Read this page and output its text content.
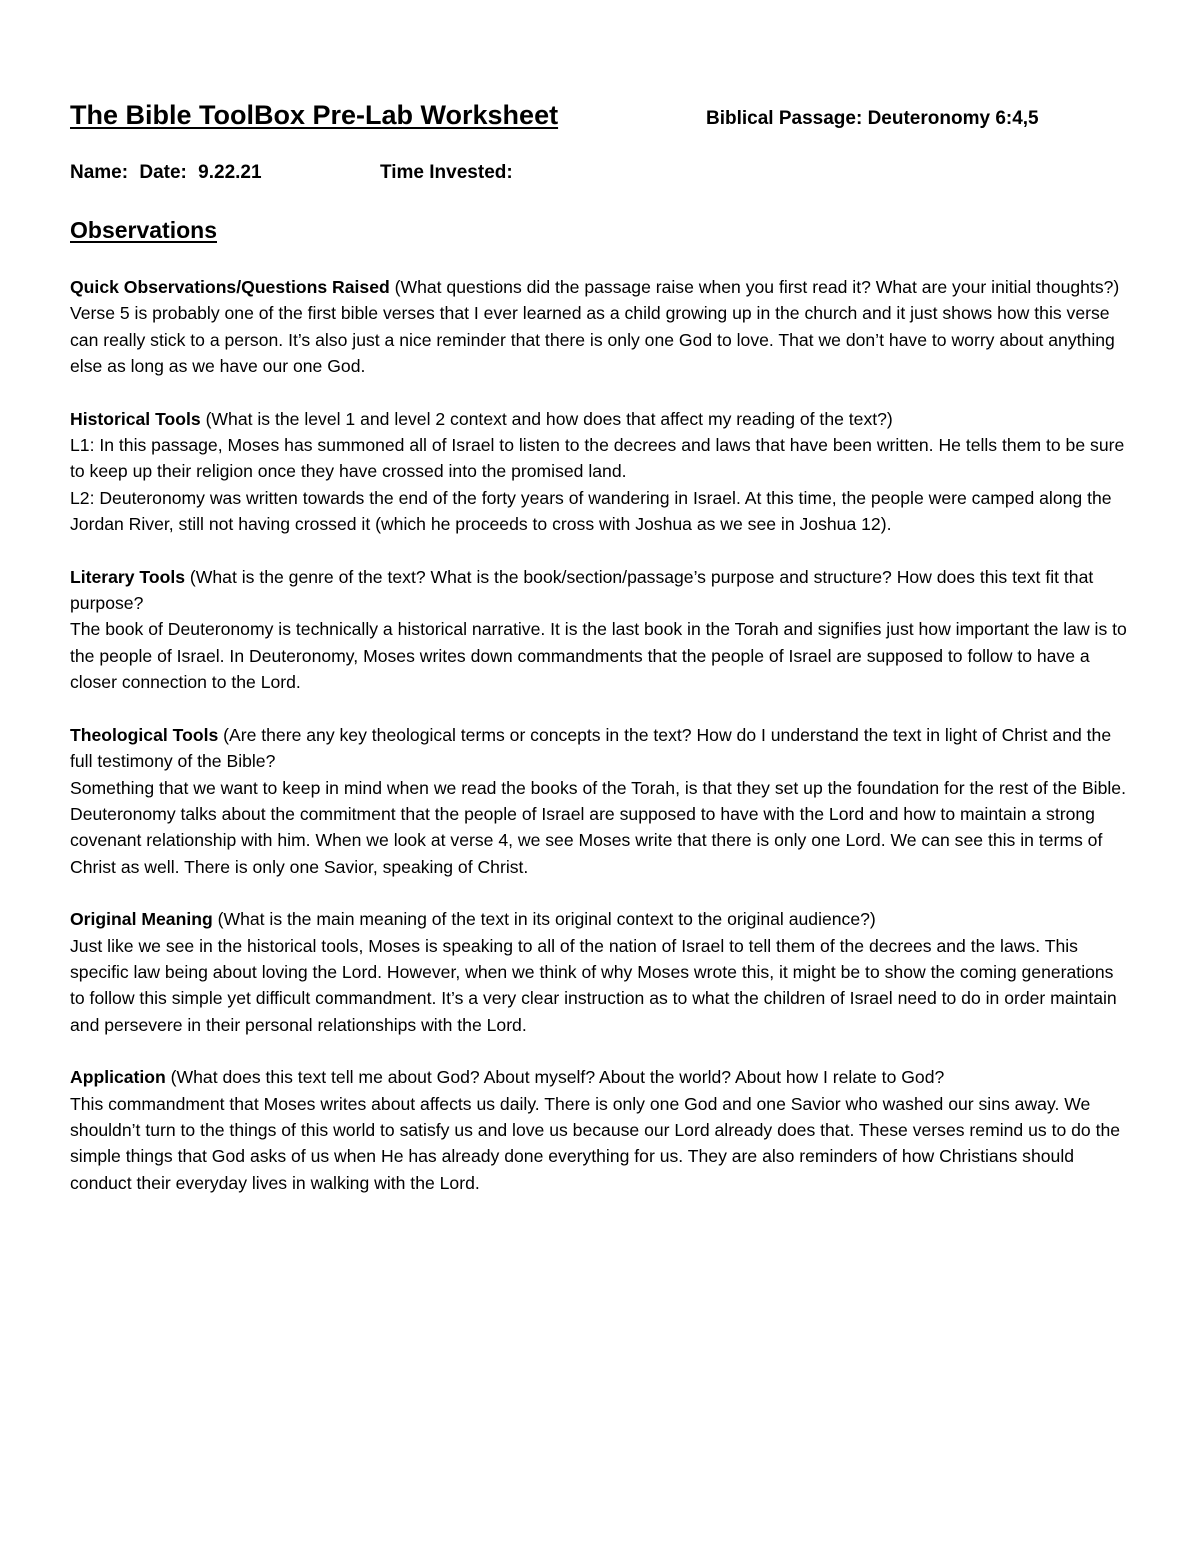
The Bible ToolBox Pre-Lab Worksheet	Biblical Passage: Deuteronomy 6:4,5
Name: Date: 9.22.21	Time Invested:
Observations

Quick Observations/Questions Raised (What questions did the passage raise when you first read it? What are your initial thoughts?)

Verse 5 is probably one of the first bible verses that I ever learned as a child growing up in the church and it just shows how this verse can really stick to a person. It’s also just a nice reminder that there is only one God to love. That we don’t have to worry about anything else as long as we have our one God.

Historical Tools (What is the level 1 and level 2 context and how does that affect my reading of the text?)

L1: In this passage, Moses has summoned all of Israel to listen to the decrees and laws that have been written. He tells them to be sure to keep up their religion once they have crossed into the promised land.

L2: Deuteronomy was written towards the end of the forty years of wandering in Israel. At this time, the people were camped along the Jordan River, still not having crossed it (which he proceeds to cross with Joshua as we see in Joshua 12).

Literary Tools (What is the genre of the text? What is the book/section/passage’s purpose and structure? How does this text fit that purpose?

The book of Deuteronomy is technically a historical narrative. It is the last book in the Torah and signifies just how important the law is to the people of Israel. In Deuteronomy, Moses writes down commandments that the people of Israel are supposed to follow to have a closer connection to the Lord.

Theological Tools (Are there any key theological terms or concepts in the text? How do I understand the text in light of Christ and the full testimony of the Bible?

Something that we want to keep in mind when we read the books of the Torah, is that they set up the foundation for the rest of the Bible. Deuteronomy talks about the commitment that the people of Israel are supposed to have with the Lord and how to maintain a strong covenant relationship with him. When we look at verse 4, we see Moses write that there is only one Lord. We can see this in terms of Christ as well. There is only one Savior, speaking of Christ.

Original Meaning (What is the main meaning of the text in its original context to the original audience?)

Just like we see in the historical tools, Moses is speaking to all of the nation of Israel to tell them of the decrees and the laws. This specific law being about loving the Lord. However, when we think of why Moses wrote this, it might be to show the coming generations to follow this simple yet difficult commandment. It’s a very clear instruction as to what the children of Israel need to do in order maintain and persevere in their personal relationships with the Lord.

Application (What does this text tell me about God? About myself? About the world? About how I relate to God?

This commandment that Moses writes about affects us daily. There is only one God and one Savior who washed our sins away. We shouldn’t turn to the things of this world to satisfy us and love us because our Lord already does that. These verses remind us to do the simple things that God asks of us when He has already done everything for us. They are also reminders of how Christians should conduct their everyday lives in walking with the Lord.
